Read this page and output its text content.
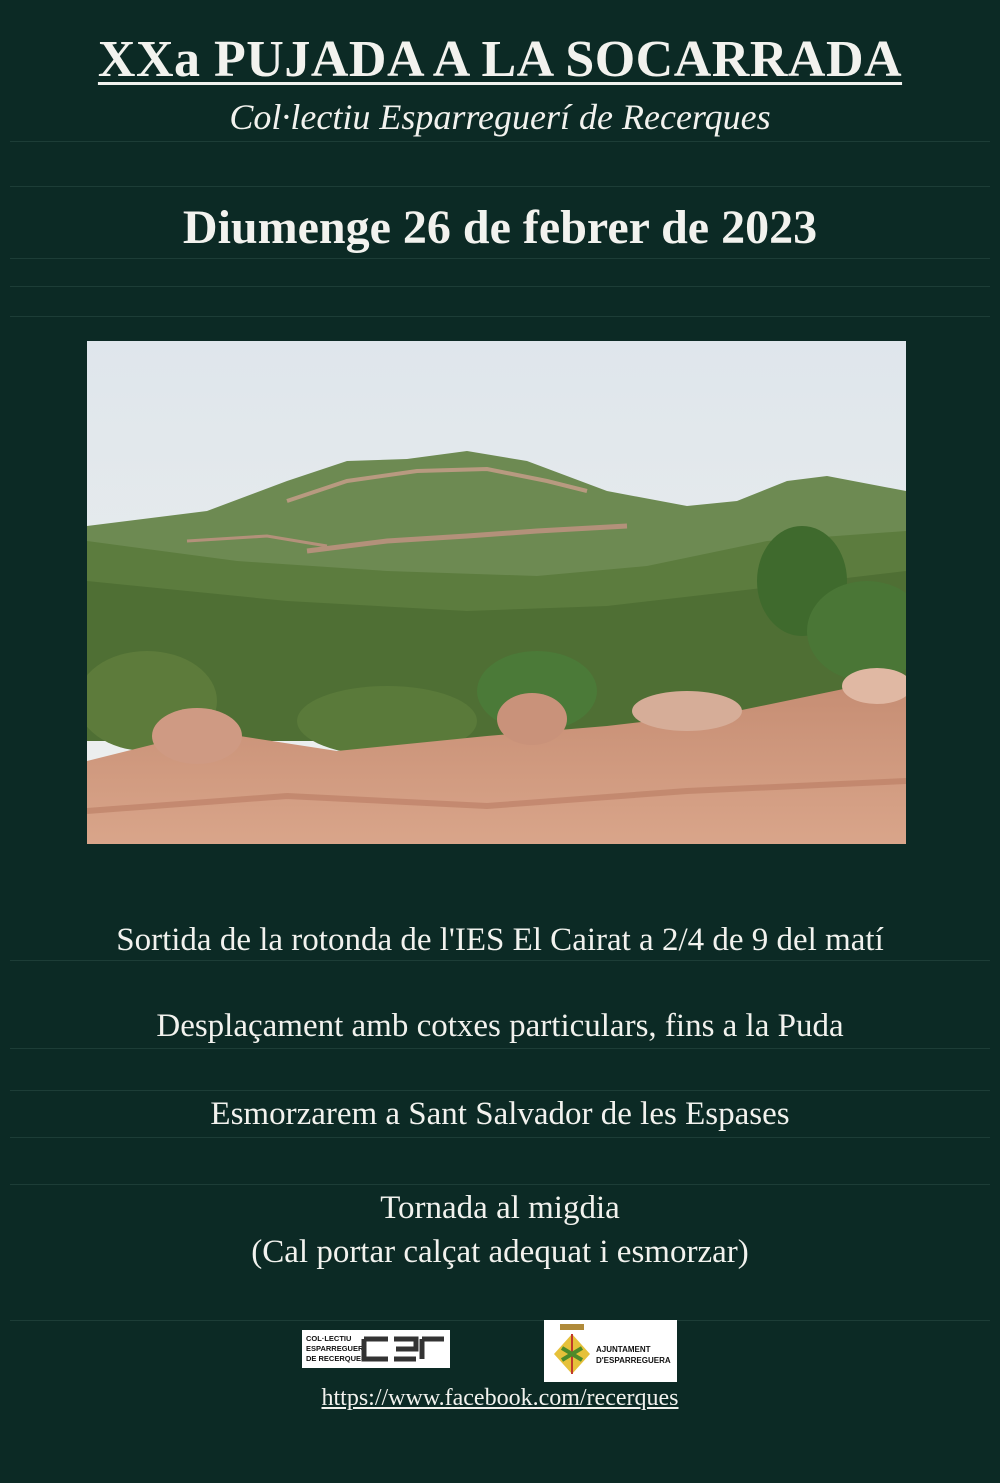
XXa PUJADA A LA SOCARRADA
Col·lectiu Esparreguerí de Recerques
Diumenge 26 de febrer de 2023
Sortida de la rotonda de l'IES El Cairat a 2/4 de 9 del matí
Desplaçament amb cotxes particulars, fins a la Puda
Esmorzarem a Sant Salvador de les Espases
Tornada al migdia
(Cal portar calçat adequat i esmorzar)
COL·LECTIU
ESPARREGUERÍ
DE RECERQUES
AJUNTAMENT
D'ESPARREGUERA
https://www.facebook.com/recerques
